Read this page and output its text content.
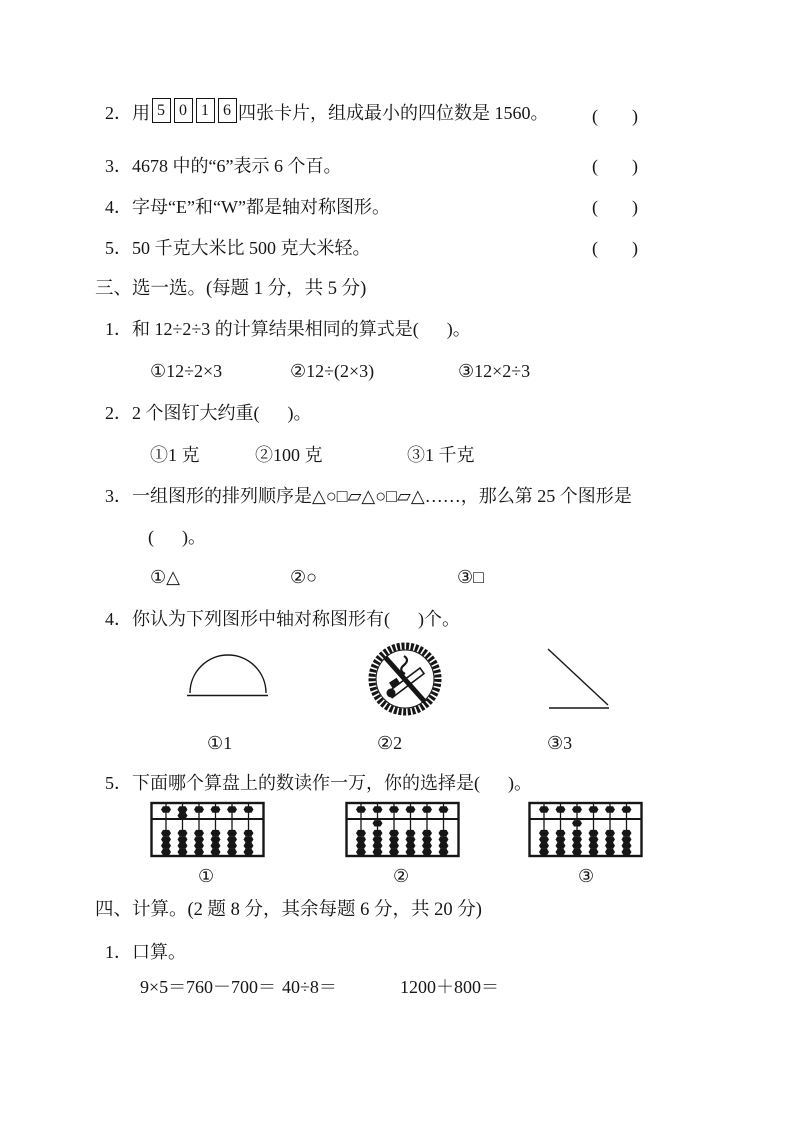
2．用 5 0 1 6 四张卡片，组成最小的四位数是 1560。 ( )
3．4678 中的“6”表示 6 个百。	( )
4．字母“E”和“W”都是轴对称图形。	( )
5．50 千克大米比 500 克大米轻。	( )
三、选一选。(每题 1 分，共 5 分)
1．和 12÷2÷3 的计算结果相同的算式是( )。
①12÷2×3	②12÷(2×3)	③12×2÷3
2．2 个图钉大约重( )。
①1 克	②100 克	③1 千克
3．一组图形的排列顺序是△○□▱△○□▱△……，那么第 25 个图形是
( )。
①△	②○	③□
4．你认为下列图形中轴对称图形有( )个。
①1	②2	③3
5．下面哪个算盘上的数读作一万，你的选择是( )。
①	②	③
四、计算。(2 题 8 分，其余每题 6 分，共 20 分)
1．口算。
9×5＝ 760－700＝ 40÷8＝	1200＋800＝
